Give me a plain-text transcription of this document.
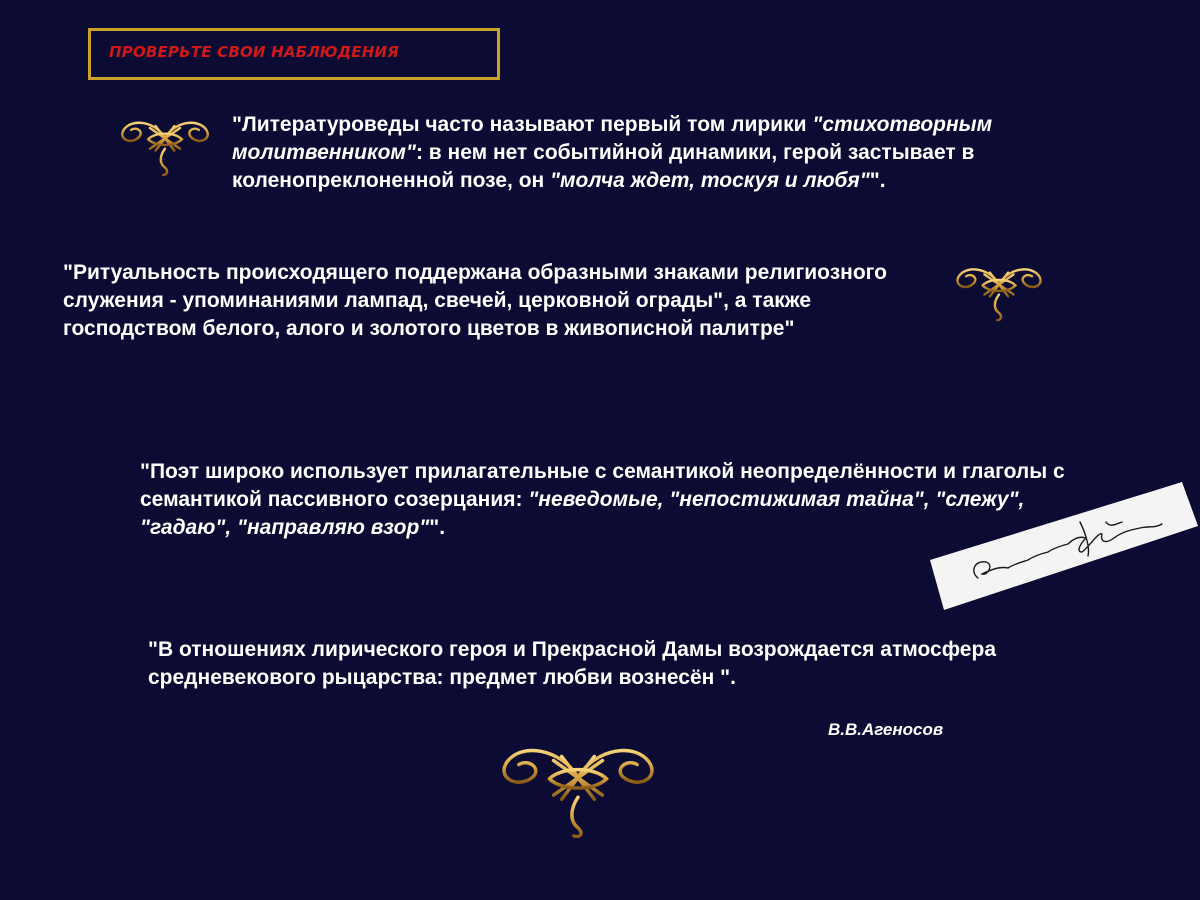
ПРОВЕРЬТЕ СВОИ НАБЛЮДЕНИЯ
"Литературоведы часто называют первый том лирики "стихотворным молитвенником": в нем нет событийной динамики, герой застывает в коленопреклоненной позе, он "молча ждет, тоскуя и любя"".
"Ритуальность происходящего поддержана образными знаками религиозного служения - упоминаниями лампад, свечей, церковной ограды", а также господством белого, алого и золотого цветов в живописной палитре"
"Поэт широко использует прилагательные с семантикой неопределённости и глаголы с семантикой пассивного созерцания: "неведомые, "непостижимая тайна", "слежу", "гадаю", "направляю взор"".
"В отношениях лирического героя и Прекрасной Дамы возрождается атмосфера средневекового рыцарства: предмет любви вознесён ".
В.В.Агеносов
